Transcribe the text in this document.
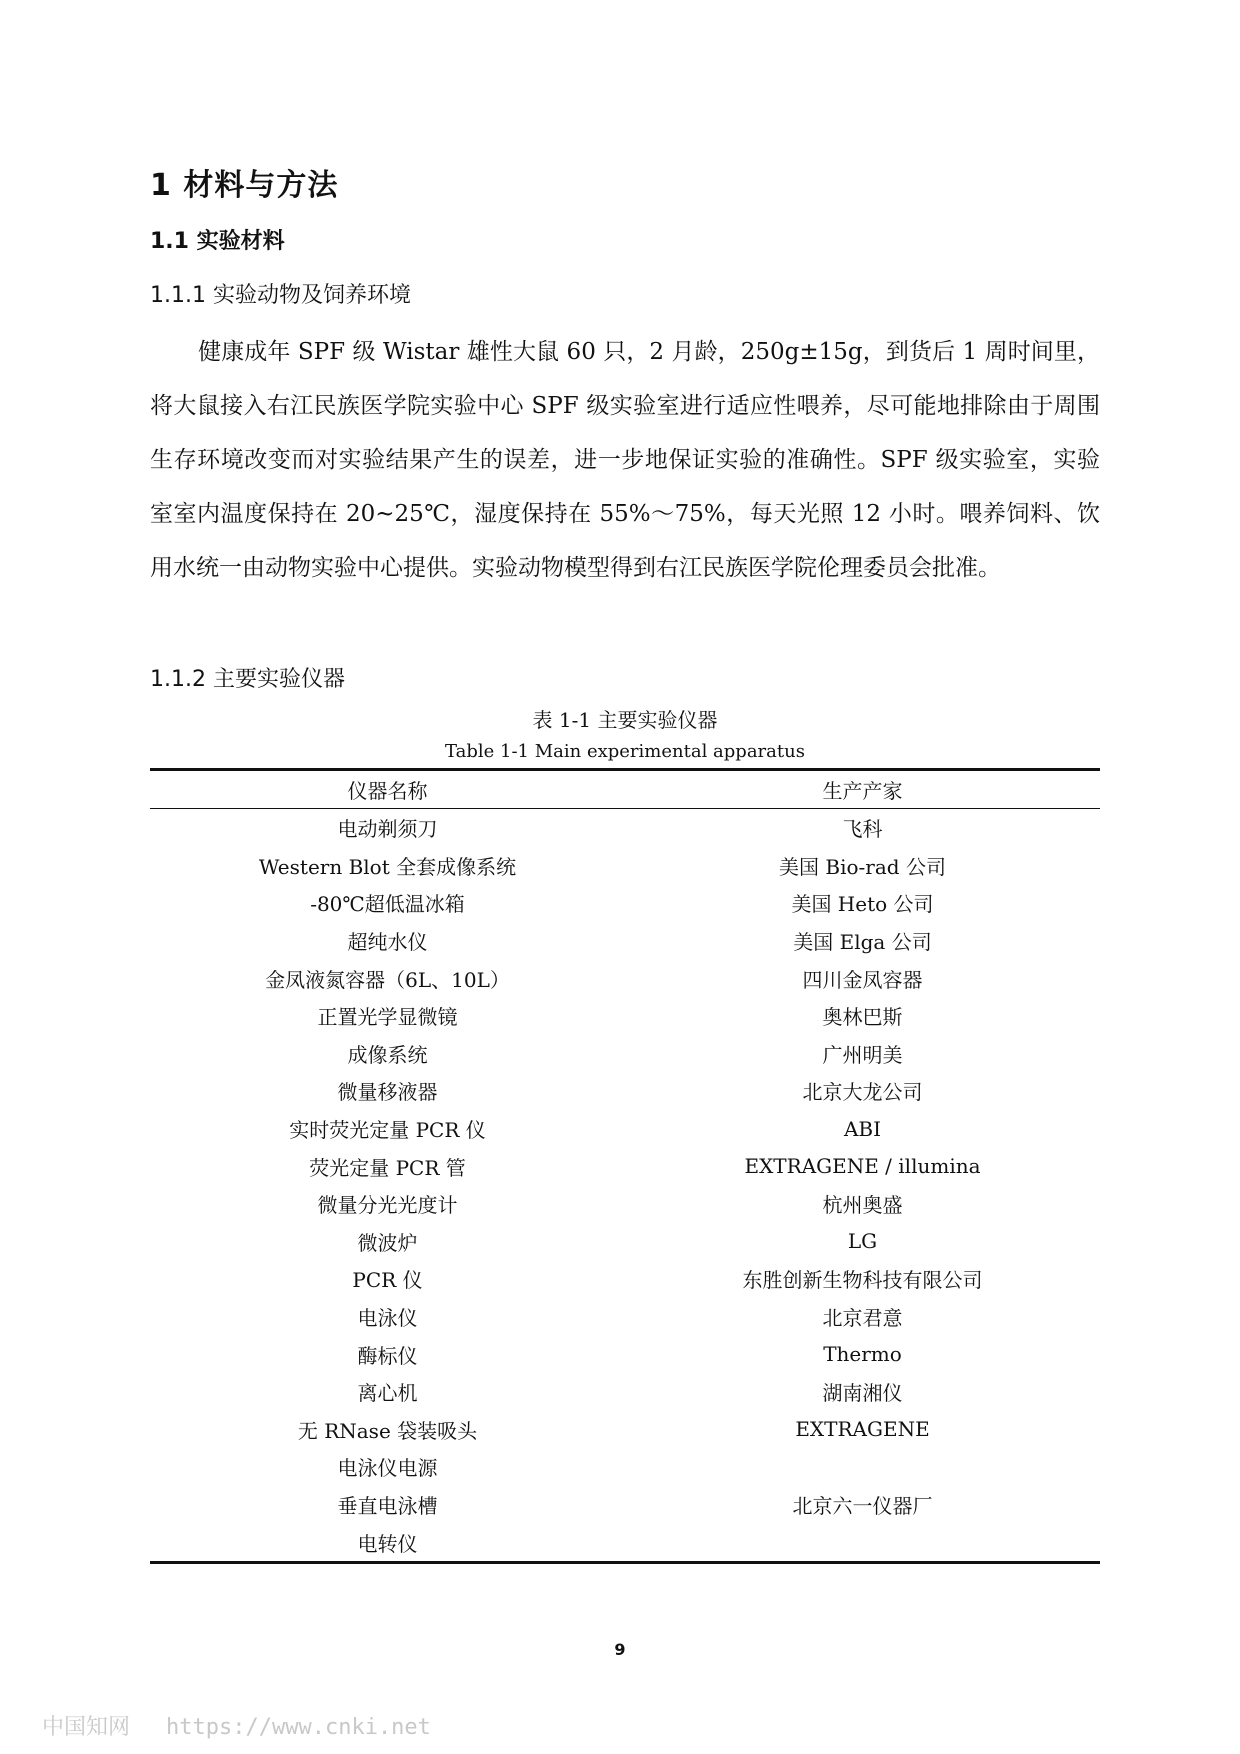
1 材料与方法
1.1 实验材料
1.1.1 实验动物及饲养环境
健康成年 SPF 级 Wistar 雄性大鼠 60 只，2 月龄，250g±15g，到货后 1 周时间里，将大鼠接入右江民族医学院实验中心 SPF 级实验室进行适应性喂养，尽可能地排除由于周围生存环境改变而对实验结果产生的误差，进一步地保证实验的准确性。SPF 级实验室，实验室室内温度保持在 20~25℃，湿度保持在 55%～75%，每天光照 12 小时。喂养饲料、饮用水统一由动物实验中心提供。实验动物模型得到右江民族医学院伦理委员会批准。
1.1.2 主要实验仪器
表 1-1 主要实验仪器
Table 1-1 Main experimental apparatus
仪器名称	生产产家
电动剃须刀	飞科
Western Blot 全套成像系统	美国 Bio-rad 公司
-80℃超低温冰箱	美国 Heto 公司
超纯水仪	美国 Elga 公司
金凤液氮容器（6L、10L）	四川金凤容器
正置光学显微镜	奥林巴斯
成像系统	广州明美
微量移液器	北京大龙公司
实时荧光定量 PCR 仪	ABI
荧光定量 PCR 管	EXTRAGENE / illumina
微量分光光度计	杭州奥盛
微波炉	LG
PCR 仪	东胜创新生物科技有限公司
电泳仪	北京君意
酶标仪	Thermo
离心机	湖南湘仪
无 RNase 袋装吸头	EXTRAGENE
电泳仪电源	
垂直电泳槽	北京六一仪器厂
电转仪	
9
中国知网 https://www.cnki.net
